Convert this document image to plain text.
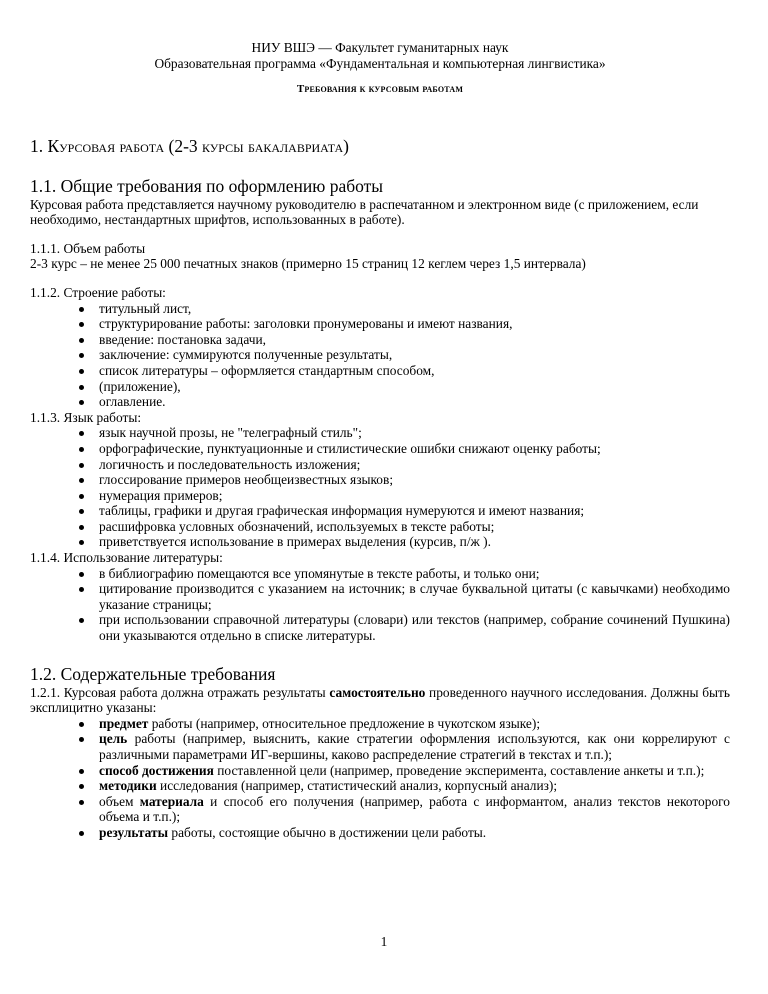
НИУ ВШЭ — Факультет гуманитарных наук
Образовательная программа «Фундаментальная и компьютерная лингвистика»
Требования к курсовым работам
1. Курсовая работа (2-3 курсы бакалавриата)
1.1. Общие требования по оформлению работы

Курсовая работа представляется научному руководителю в распечатанном и электронном виде (с приложением, если необходимо, нестандартных шрифтов, использованных в работе).

1.1.1. Объем работы

2-3 курс – не менее 25 000 печатных знаков (примерно 15 страниц 12 кеглем через 1,5 интервала)

1.1.2. Строение работы:

титульный лист,
структурирование работы: заголовки пронумерованы и имеют названия,
введение: постановка задачи,
заключение: суммируются полученные результаты,
список литературы – оформляется стандартным способом,
(приложение),
оглавление.

1.1.3. Язык работы:

язык научной прозы, не "телеграфный стиль";
орфографические, пунктуационные и стилистические ошибки снижают оценку работы;
логичность и последовательность изложения;
глоссирование примеров необщеизвестных языков;
нумерация примеров;
таблицы, графики и другая графическая информация нумеруются и имеют названия;
расшифровка условных обозначений, используемых в тексте работы;
приветствуется использование в примерах выделения (курсив, п/ж ).

1.1.4. Использование литературы:

в библиографию помещаются все упомянутые в тексте работы, и только они;
цитирование производится с указанием на источник; в случае буквальной цитаты (с кавычками) необходимо указание страницы;
при использовании справочной литературы (словари) или текстов (например, собрание сочинений Пушкина) они указываются отдельно в списке литературы.
1.2. Содержательные требования

1.2.1. Курсовая работа должна отражать результаты самостоятельно проведенного научного исследования. Должны быть эксплицитно указаны:

предмет работы (например, относительное предложение в чукотском языке);
цель работы (например, выяснить, какие стратегии оформления используются, как они коррелируют с различными параметрами ИГ-вершины, каково распределение стратегий в текстах и т.п.);
способ достижения поставленной цели (например, проведение эксперимента, составление анкеты и т.п.);
методики исследования (например, статистический анализ, корпусный анализ);
объем материала и способ его получения (например, работа с информантом, анализ текстов некоторого объема и т.п.);
результаты работы, состоящие обычно в достижении цели работы.
1
